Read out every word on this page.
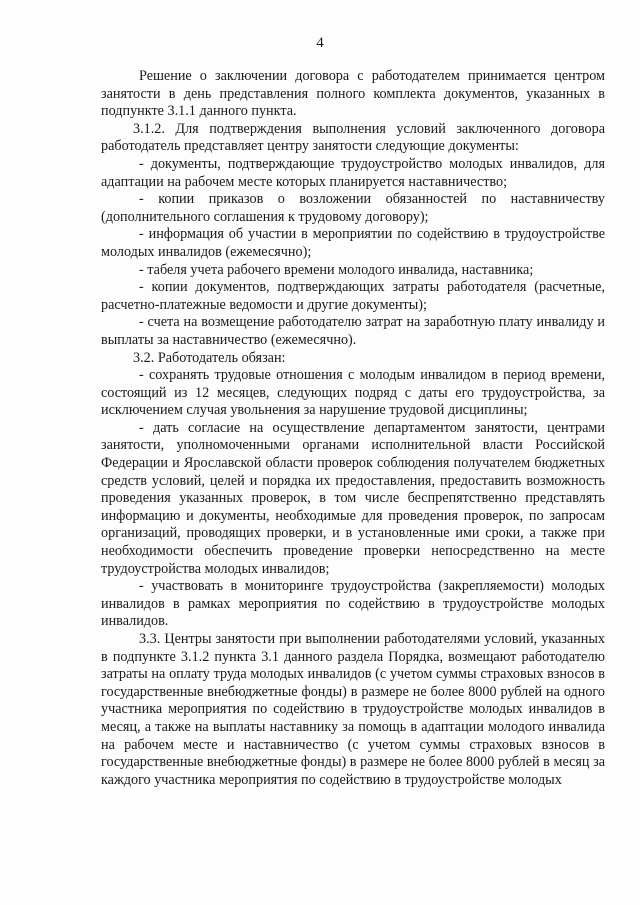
4

Решение о заключении договора с работодателем принимается центром занятости в день представления полного комплекта документов, указанных в подпункте 3.1.1 данного пункта.

3.1.2. Для подтверждения выполнения условий заключенного договора работодатель представляет центру занятости следующие документы:

- документы, подтверждающие трудоустройство молодых инвалидов, для адаптации на рабочем месте которых планируется наставничество;

- копии приказов о возложении обязанностей по наставничеству (дополнительного соглашения к трудовому договору);

- информация об участии в мероприятии по содействию в трудоустройстве молодых инвалидов (ежемесячно);

- табеля учета рабочего времени молодого инвалида, наставника;

- копии документов, подтверждающих затраты работодателя (расчетные, расчетно-платежные ведомости и другие документы);

- счета на возмещение работодателю затрат на заработную плату инвалиду и выплаты за наставничество (ежемесячно).

3.2. Работодатель обязан:

- сохранять трудовые отношения с молодым инвалидом в период времени, состоящий из 12 месяцев, следующих подряд с даты его трудоустройства, за исключением случая увольнения за нарушение трудовой дисциплины;

- дать согласие на осуществление департаментом занятости, центрами занятости, уполномоченными органами исполнительной власти Российской Федерации и Ярославской области проверок соблюдения получателем бюджетных средств условий, целей и порядка их предоставления, предоставить возможность проведения указанных проверок, в том числе беспрепятственно представлять информацию и документы, необходимые для проведения проверок, по запросам организаций, проводящих проверки, и в установленные ими сроки, а также при необходимости обеспечить проведение проверки непосредственно на месте трудоустройства молодых инвалидов;

- участвовать в мониторинге трудоустройства (закрепляемости) молодых инвалидов в рамках мероприятия по содействию в трудоустройстве молодых инвалидов.

3.3. Центры занятости при выполнении работодателями условий, указанных в подпункте 3.1.2 пункта 3.1 данного раздела Порядка, возмещают работодателю затраты на оплату труда молодых инвалидов (с учетом суммы страховых взносов в государственные внебюджетные фонды) в размере не более 8000 рублей на одного участника мероприятия по содействию в трудоустройстве молодых инвалидов в месяц, а также на выплаты наставнику за помощь в адаптации молодого инвалида на рабочем месте и наставничество (с учетом суммы страховых взносов в государственные внебюджетные фонды) в размере не более 8000 рублей в месяц за каждого участника мероприятия по содействию в трудоустройстве молодых
